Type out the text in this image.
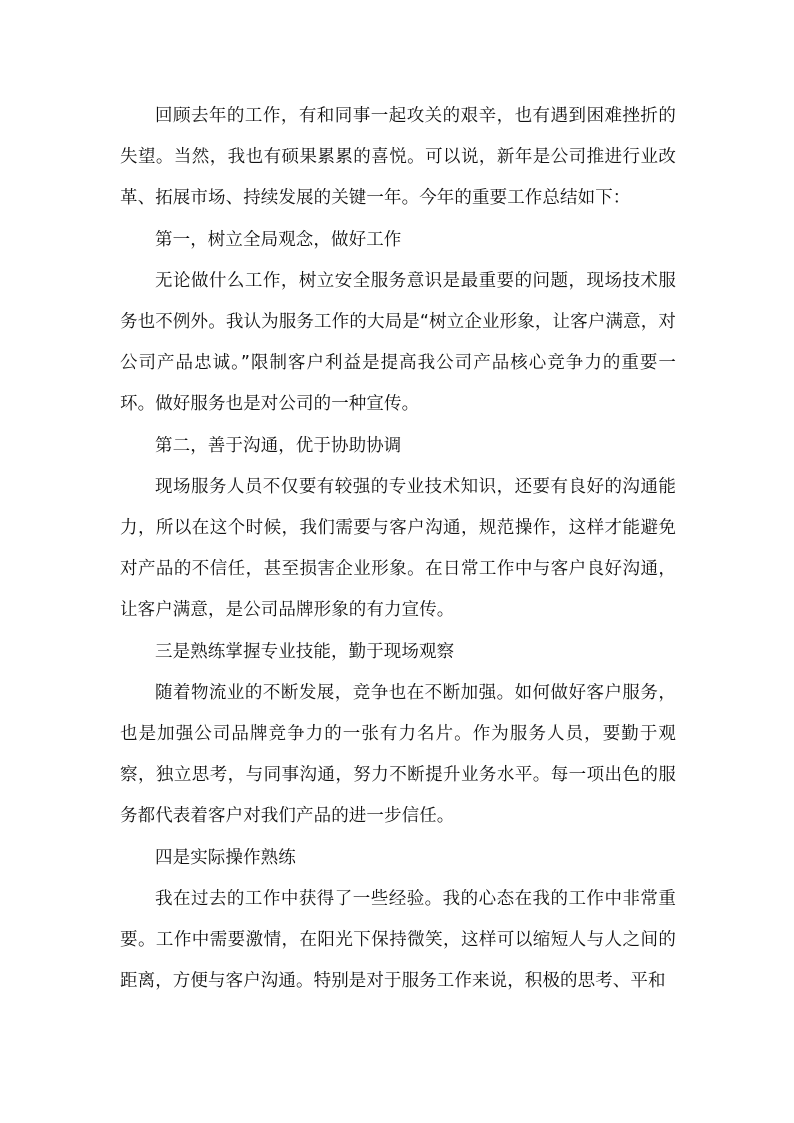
回顾去年的工作，有和同事一起攻关的艰辛，也有遇到困难挫折的失望。当然，我也有硕果累累的喜悦。可以说，新年是公司推进行业改革、拓展市场、持续发展的关键一年。今年的重要工作总结如下：

第一，树立全局观念，做好工作

无论做什么工作，树立安全服务意识是最重要的问题，现场技术服务也不例外。我认为服务工作的大局是“树立企业形象，让客户满意，对公司产品忠诚。”限制客户利益是提高我公司产品核心竞争力的重要一环。做好服务也是对公司的一种宣传。

第二，善于沟通，优于协助协调

现场服务人员不仅要有较强的专业技术知识，还要有良好的沟通能力，所以在这个时候，我们需要与客户沟通，规范操作，这样才能避免对产品的不信任，甚至损害企业形象。在日常工作中与客户良好沟通，让客户满意，是公司品牌形象的有力宣传。

三是熟练掌握专业技能，勤于现场观察

随着物流业的不断发展，竞争也在不断加强。如何做好客户服务，也是加强公司品牌竞争力的一张有力名片。作为服务人员，要勤于观察，独立思考，与同事沟通，努力不断提升业务水平。每一项出色的服务都代表着客户对我们产品的进一步信任。

四是实际操作熟练

我在过去的工作中获得了一些经验。我的心态在我的工作中非常重要。工作中需要激情，在阳光下保持微笑，这样可以缩短人与人之间的距离，方便与客户沟通。特别是对于服务工作来说，积极的思考、平和
